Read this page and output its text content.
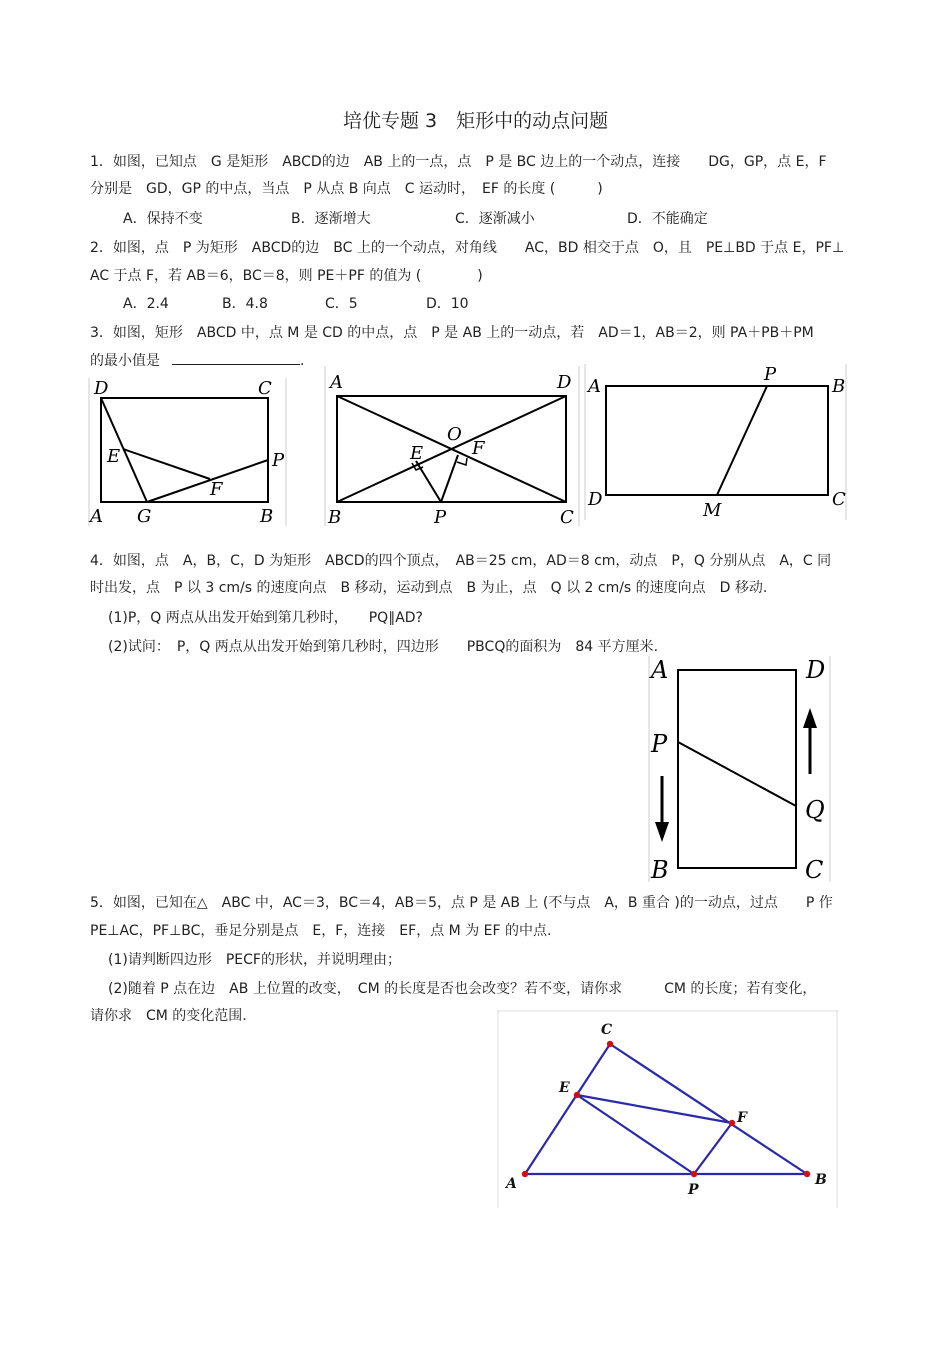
培优专题 3　矩形中的动点问题
1．如图，已知点　G 是矩形　ABCD的边　AB 上的一点，点　P 是 BC 边上的一个动点，连接　　DG，GP，点 E，F
分别是　GD，GP 的中点，当点　P 从点 B 向点　C 运动时，　EF 的长度 (　　　)
A．保持不变	B．逐渐增大	C．逐渐减小	D．不能确定
2．如图，点　P 为矩形　ABCD的边　BC 上的一个动点，对角线　　AC，BD 相交于点　O，且　PE⊥BD 于点 E，PF⊥
AC 于点 F，若 AB＝6，BC＝8，则 PE＋PF 的值为 (　　　　)
A．2.4	B．4.8	C．5	D．10
3．如图，矩形　ABCD 中，点 M 是 CD 的中点，点　P 是 AB 上的一动点，若　AD＝1，AB＝2，则 PA＋PB＋PM
的最小值是	.
D	C
E	P
F
A G	B
A	D
O
E	F
B	P	C
A
P
B
D
M
C
4．如图，点　A，B，C，D 为矩形　ABCD的四个顶点，　AB＝25 cm，AD＝8 cm，动点　P，Q 分别从点　A，C 同
时出发，点　P 以 3 cm/s 的速度向点　B 移动，运动到点　B 为止，点　Q 以 2 cm/s 的速度向点　D 移动.
(1)P，Q 两点从出发开始到第几秒时，　　PQ∥AD?
(2)试问：　P，Q 两点从出发开始到第几秒时，四边形　　PBCQ的面积为　84 平方厘米.
A	D
P
Q
B	C
5．如图，已知在△　ABC 中，AC＝3，BC＝4，AB＝5，点 P 是 AB 上 (不与点　A，B 重合 )的一动点，过点　　P 作
PE⊥AC，PF⊥BC，垂足分别是点　E，F，连接　EF，点 M 为 EF 的中点.
(1)请判断四边形　PECF的形状，并说明理由；
(2)随着 P 点在边　AB 上位置的改变，　CM 的长度是否也会改变？若不变，请你求　　　CM 的长度；若有变化，
请你求　CM 的变化范围.
C
E
F
A	P
B
